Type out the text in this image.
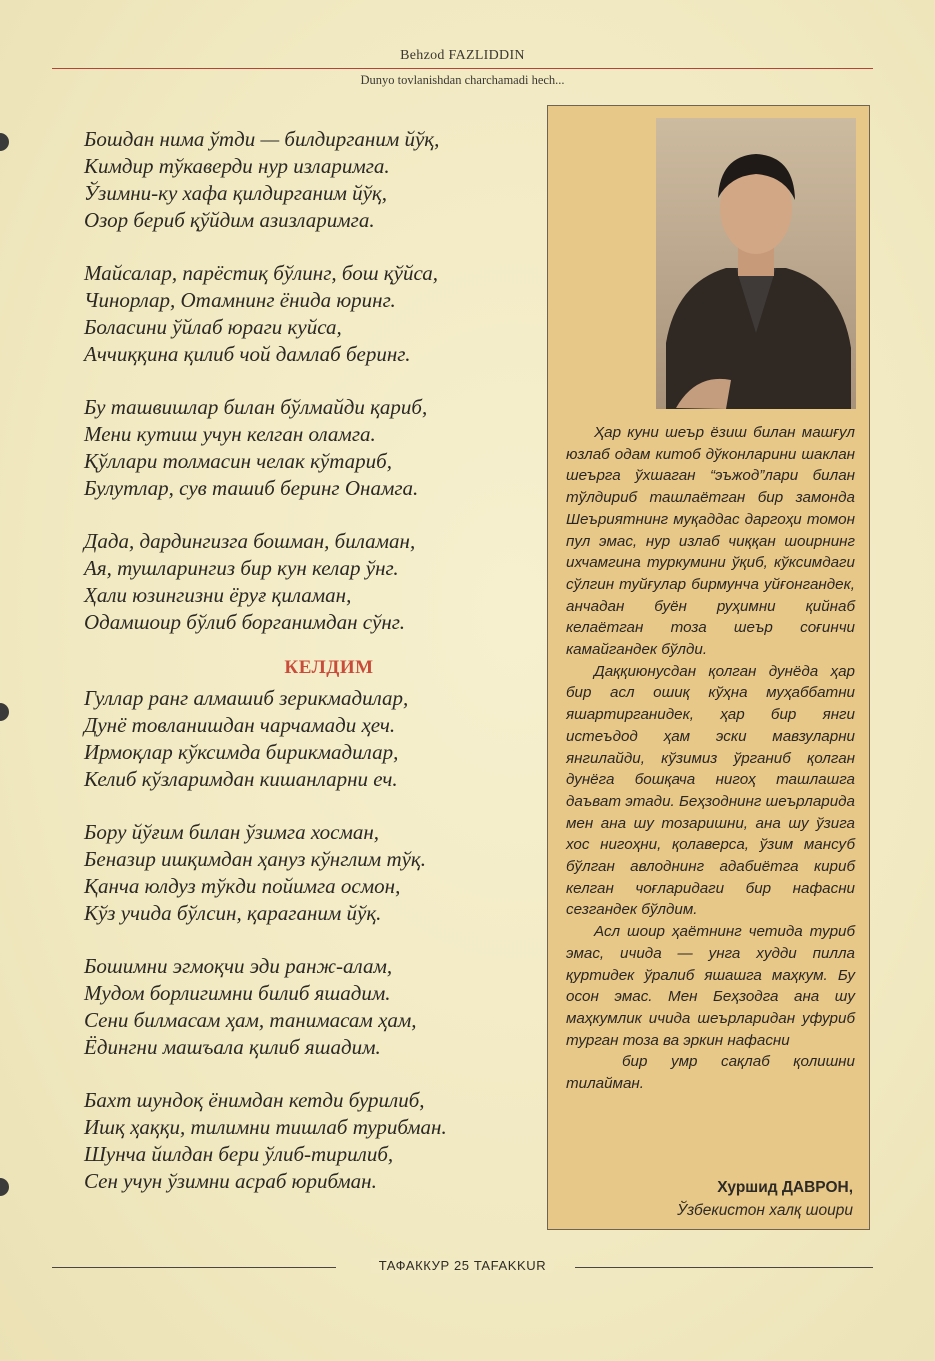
Behzod FAZLIDDIN
Dunyo tovlanishdan charchamadi hech...
Бошдан нима ўтди — билдирганим йўқ,
Кимдир тўкаверди нур изларимга.
Ўзимни-ку хафа қилдирганим йўқ,
Озор бериб қўйдим азизларимга.
Майсалар, парёстиқ бўлинг, бош қўйса,
Чинорлар, Отамнинг ёнида юринг.
Боласини ўйлаб юраги куйса,
Аччиққина қилиб чой дамлаб беринг.
Бу ташвишлар билан бўлмайди қариб,
Мени кутиш учун келган оламга.
Қўллари толмасин челак кўтариб,
Булутлар, сув ташиб беринг Онамга.
Дада, дардингизга бошман, биламан,
Ая, тушларингиз бир кун келар ўнг.
Ҳали юзингизни ёруғ қиламан,
Одамшоир бўлиб борганимдан сўнг.
КЕЛДИМ
Гуллар ранг алмашиб зерикмадилар,
Дунё товланишдан чарчамади ҳеч.
Ирмоқлар кўксимда бирикмадилар,
Келиб кўзларимдан кишанларни еч.
Бору йўғим билан ўзимга хосман,
Беназир ишқимдан ҳануз кўнглим тўқ.
Қанча юлдуз тўкди пойимга осмон,
Кўз учида бўлсин, қараганим йўқ.
Бошимни эгмоқчи эди ранж-алам,
Мудом борлигимни билиб яшадим.
Сени билмасам ҳам, танимасам ҳам,
Ёдингни машъала қилиб яшадим.
Бахт шундоқ ёнимдан кетди бурилиб,
Ишқ ҳаққи, тилимни тишлаб турибман.
Шунча йилдан бери ўлиб-тирилиб,
Сен учун ўзимни асраб юрибман.

Ҳар куни шеър ёзиш билан машғул юзлаб одам китоб дўконларини шаклан шеърга ўхшаган “эъжод”лари билан тўлдириб ташлаётган бир замонда Шеъриятнинг муқаддас даргоҳи томон пул эмас, нур излаб чиққан шоирнинг ихчамгина туркумини ўқиб, кўксимдаги сўлгин туйғулар бирмунча уйғонгандек, анчадан буён руҳимни қийнаб келаётган тоза шеър соғинчи камайгандек бўлди.

Даққиюнусдан қолган дунёда ҳар бир асл ошиқ кўҳна муҳаббатни яшартирганидек, ҳар бир янги истеъдод ҳам эски мавзуларни янгилайди, кўзимиз ўрганиб қолган дунёга бошқача нигоҳ ташлашга даъват этади. Беҳзоднинг шеърларида мен ана шу тозаришни, ана шу ўзига хос нигоҳни, қолаверса, ўзим мансуб бўлган авлоднинг адабиётга кириб келган чоғларидаги бир нафасни сезгандек бўлдим.

Асл шоир ҳаётнинг четида туриб эмас, ичида — унга худди пилла қуртидек ўралиб яшашга маҳкум. Бу осон эмас. Мен Беҳзодга ана шу маҳкумлик ичида шеърларидан уфуриб турган тоза ва эркин нафасни

бир умр сақлаб қолишни тилайман.

Хуршид ДАВРОН,
Ўзбекистон халқ шоири
ТАФАККУР 25 TAFAKKUR
